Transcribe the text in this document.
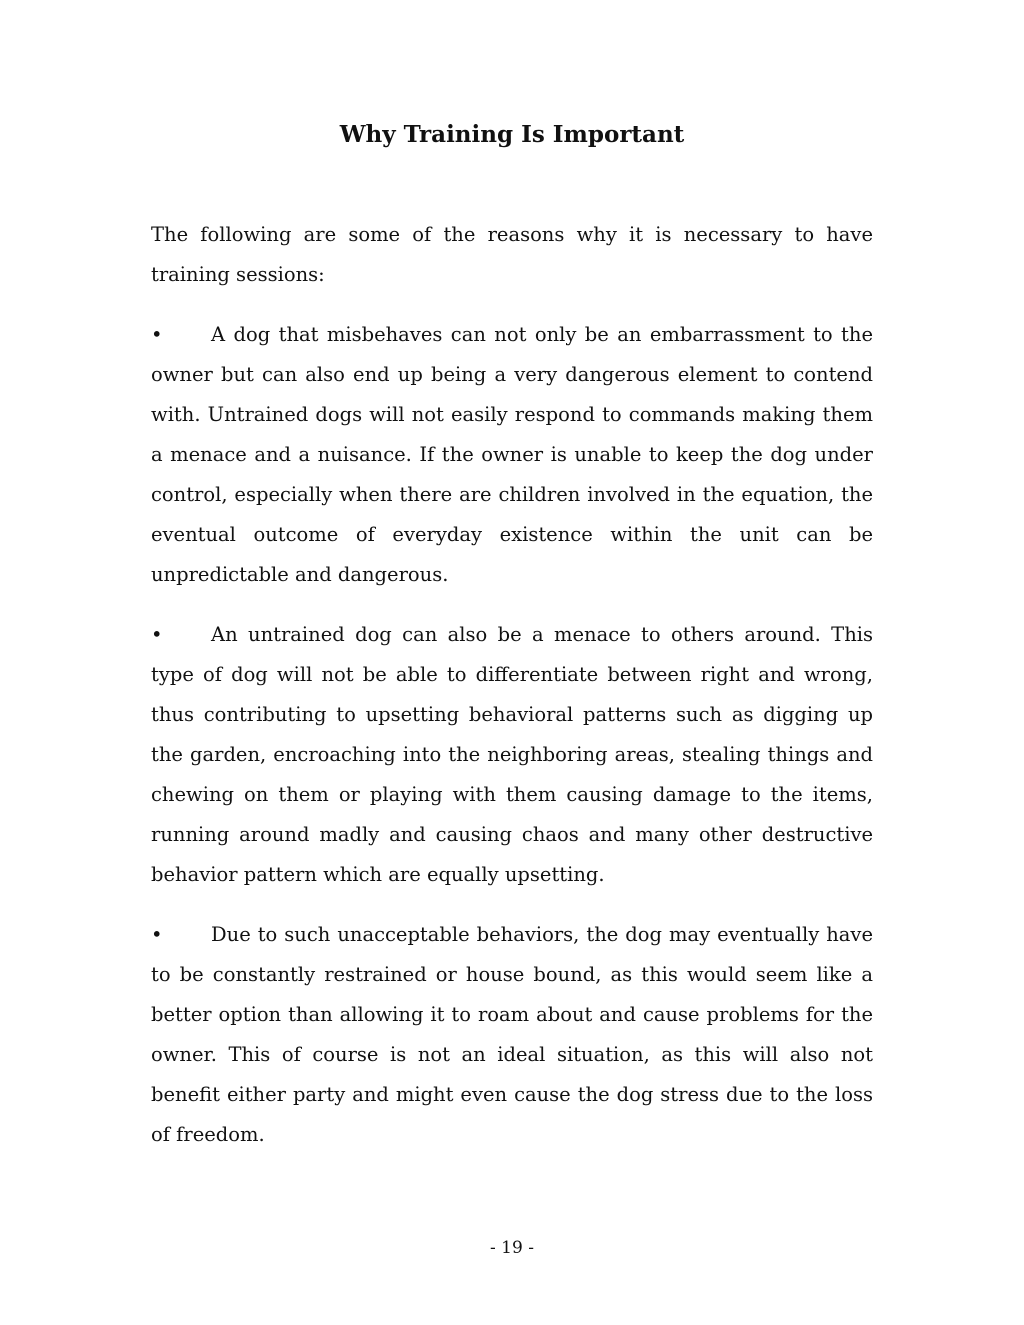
Why Training Is Important

The following are some of the reasons why it is necessary to have training sessions:

• A dog that misbehaves can not only be an embarrassment to the owner but can also end up being a very dangerous element to contend with. Untrained dogs will not easily respond to commands making them a menace and a nuisance. If the owner is unable to keep the dog under control, especially when there are children involved in the equation, the eventual outcome of everyday existence within the unit can be unpredictable and dangerous.

• An untrained dog can also be a menace to others around. This type of dog will not be able to differentiate between right and wrong, thus contributing to upsetting behavioral patterns such as digging up the garden, encroaching into the neighboring areas, stealing things and chewing on them or playing with them causing damage to the items, running around madly and causing chaos and many other destructive behavior pattern which are equally upsetting.

• Due to such unacceptable behaviors, the dog may eventually have to be constantly restrained or house bound, as this would seem like a better option than allowing it to roam about and cause problems for the owner. This of course is not an ideal situation, as this will also not benefit either party and might even cause the dog stress due to the loss of freedom.

- 19 -
